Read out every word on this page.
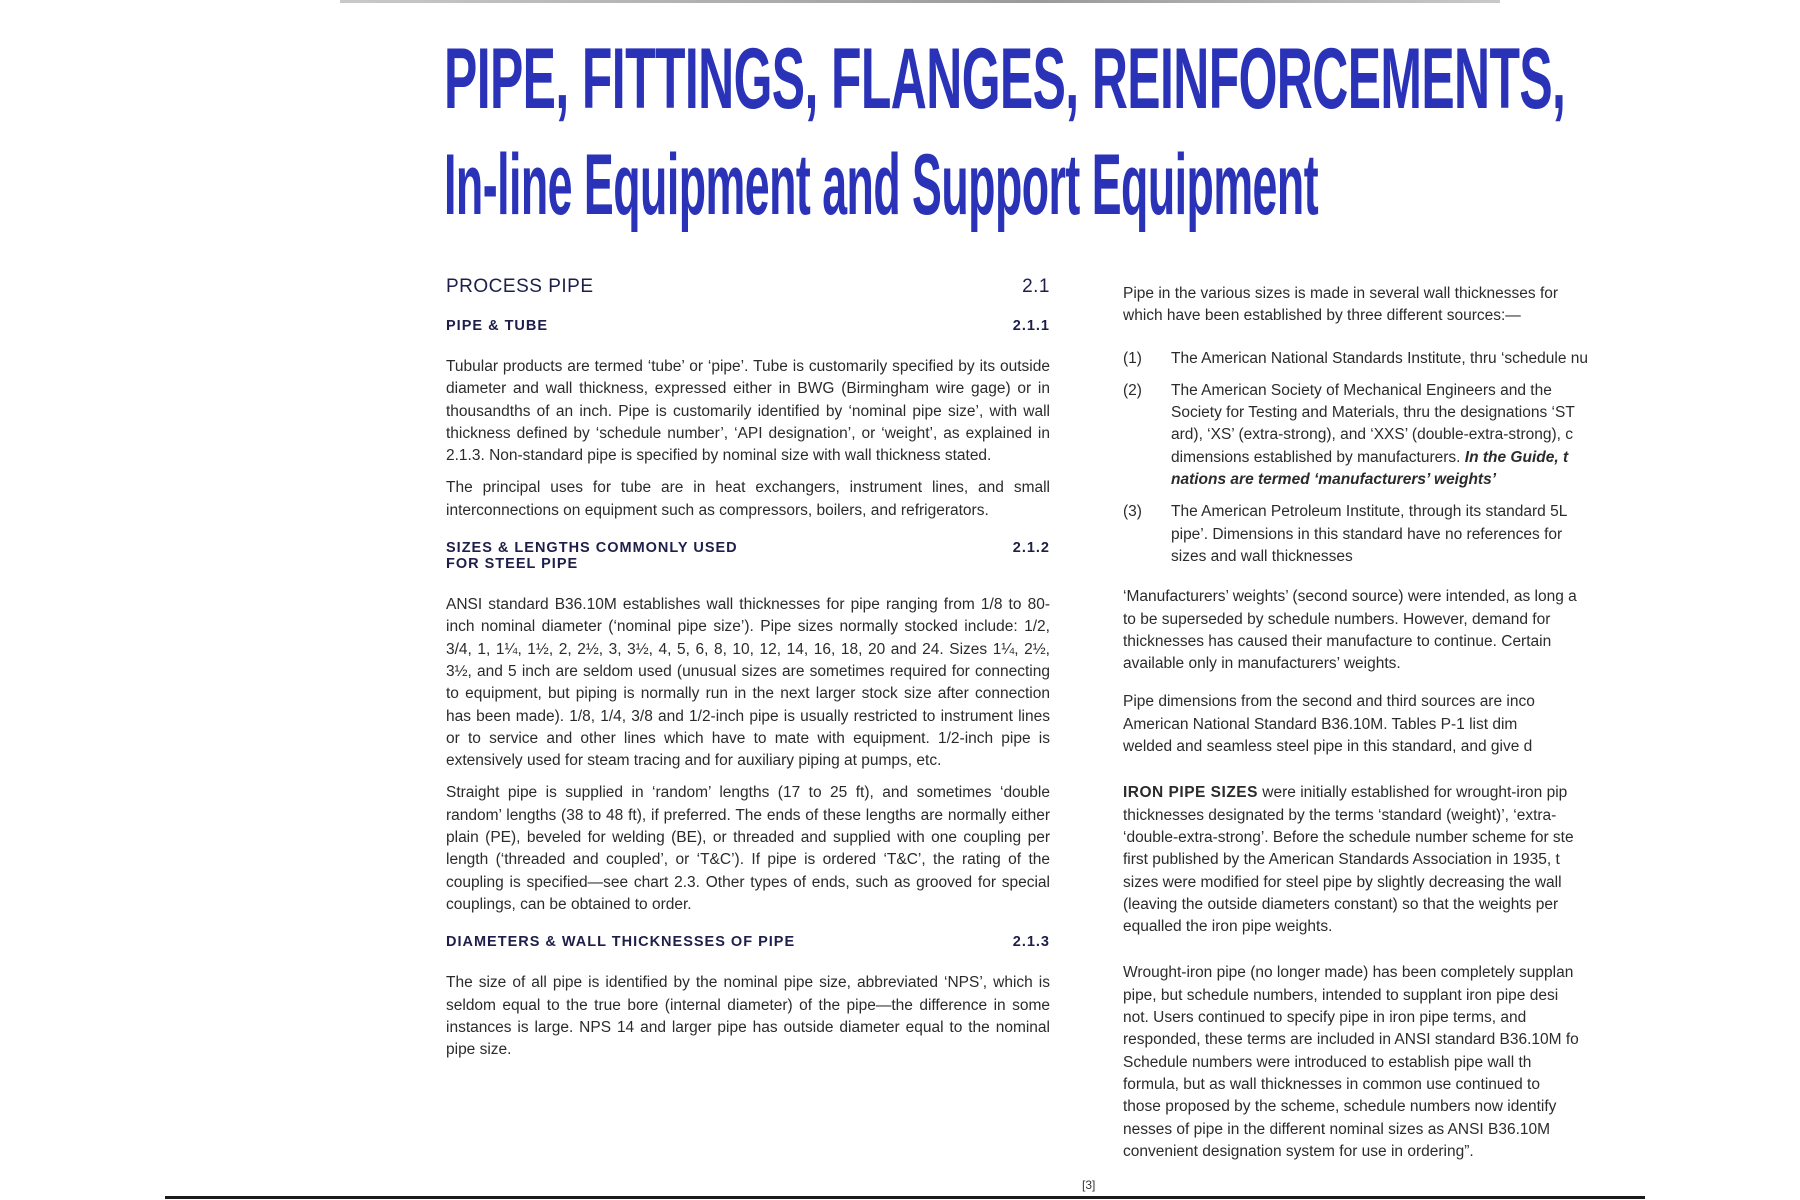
PIPE, FITTINGS, FLANGES, REINFORCEMENTS,
In-line Equipment and Support Equipment
PROCESS PIPE	2.1
PIPE & TUBE	2.1.1

Tubular products are termed ‘tube’ or ‘pipe’. Tube is customarily specified by its outside diameter and wall thickness, expressed either in BWG (Birmingham wire gage) or in thousandths of an inch. Pipe is customarily identified by ‘nominal pipe size’, with wall thickness defined by ‘schedule number’, ‘API designation’, or ‘weight’, as explained in 2.1.3. Non-standard pipe is specified by nominal size with wall thickness stated.

The principal uses for tube are in heat exchangers, instrument lines, and small interconnections on equipment such as compressors, boilers, and refrigerators.

SIZES & LENGTHS COMMONLY USED
FOR STEEL PIPE
2.1.2

ANSI standard B36.10M establishes wall thicknesses for pipe ranging from 1/8 to 80-inch nominal diameter (‘nominal pipe size’). Pipe sizes normally stocked include: 1/2, 3/4, 1, 1¼, 1½, 2, 2½, 3, 3½, 4, 5, 6, 8, 10, 12, 14, 16, 18, 20 and 24. Sizes 1¼, 2½, 3½, and 5 inch are seldom used (unusual sizes are sometimes required for connecting to equipment, but piping is normally run in the next larger stock size after connection has been made). 1/8, 1/4, 3/8 and 1/2-inch pipe is usually restricted to instrument lines or to service and other lines which have to mate with equipment. 1/2-inch pipe is extensively used for steam tracing and for auxiliary piping at pumps, etc.

Straight pipe is supplied in ‘random’ lengths (17 to 25 ft), and sometimes ‘double random’ lengths (38 to 48 ft), if preferred. The ends of these lengths are normally either plain (PE), beveled for welding (BE), or threaded and supplied with one coupling per length (‘threaded and coupled’, or ‘T&C’). If pipe is ordered ‘T&C’, the rating of the coupling is specified—see chart 2.3. Other types of ends, such as grooved for special couplings, can be obtained to order.

DIAMETERS & WALL THICKNESSES OF PIPE	2.1.3

The size of all pipe is identified by the nominal pipe size, abbreviated ‘NPS’, which is seldom equal to the true bore (internal diameter) of the pipe—the difference in some instances is large. NPS 14 and larger pipe has outside diameter equal to the nominal pipe size.

Pipe in the various sizes is made in several wall thicknesses for
which have been established by three different sources:—

(1)	The American National Standards Institute, thru ‘schedule nu
(2)	The American Society of Mechanical Engineers and the
Society for Testing and Materials, thru the designations ‘ST
ard), ‘XS’ (extra-strong), and ‘XXS’ (double-extra-strong), c
dimensions established by manufacturers. In the Guide, t
nations are termed ‘manufacturers’ weights’
(3)	The American Petroleum Institute, through its standard 5L
pipe’. Dimensions in this standard have no references for
sizes and wall thicknesses

‘Manufacturers’ weights’ (second source) were intended, as long a
to be superseded by schedule numbers. However, demand for
thicknesses has caused their manufacture to continue. Certain
available only in manufacturers’ weights.

Pipe dimensions from the second and third sources are inco
American National Standard B36.10M. Tables P-1 list dim
welded and seamless steel pipe in this standard, and give d

IRON PIPE SIZES were initially established for wrought-iron pip
thicknesses designated by the terms ‘standard (weight)’, ‘extra-
‘double-extra-strong’. Before the schedule number scheme for ste
first published by the American Standards Association in 1935, t
sizes were modified for steel pipe by slightly decreasing the wall
(leaving the outside diameters constant) so that the weights per
equalled the iron pipe weights.

Wrought-iron pipe (no longer made) has been completely supplan
pipe, but schedule numbers, intended to supplant iron pipe desi
not. Users continued to specify pipe in iron pipe terms, and
responded, these terms are included in ANSI standard B36.10M fo
Schedule numbers were introduced to establish pipe wall th
formula, but as wall thicknesses in common use continued to
those proposed by the scheme, schedule numbers now identify
nesses of pipe in the different nominal sizes as ANSI B36.10M
convenient designation system for use in ordering”.

[3]
